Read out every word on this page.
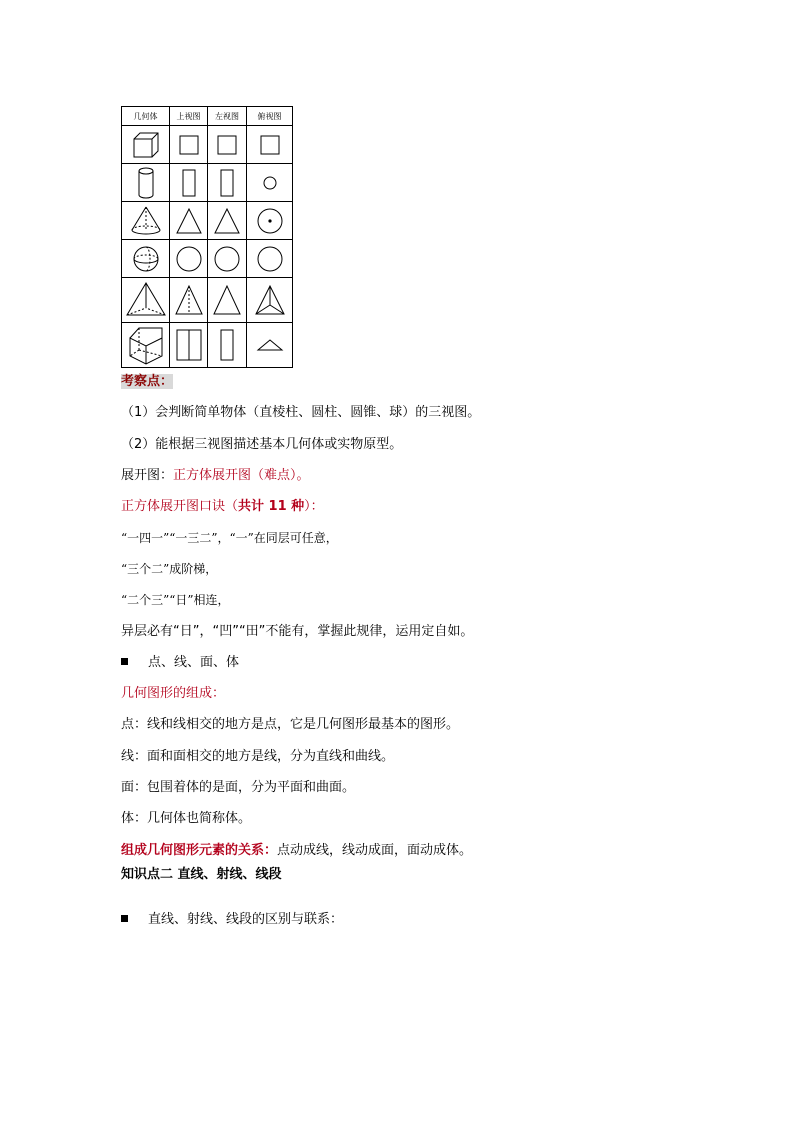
几何体	上视图	左视图	俯视图

考察点：
（1）会判断简单物体（直棱柱、圆柱、圆锥、球）的三视图。
（2）能根据三视图描述基本几何体或实物原型。
展开图：正方体展开图（难点）。
正方体展开图口诀（共计 11 种）：
“一四一”“一三二”，“一”在同层可任意，
“三个二”成阶梯，
“二个三”“日”相连，
异层必有“日”，“凹”“田”不能有，掌握此规律，运用定自如。
点、线、面、体
几何图形的组成：
点：线和线相交的地方是点，它是几何图形最基本的图形。
线：面和面相交的地方是线，分为直线和曲线。
面：包围着体的是面，分为平面和曲面。
体：几何体也简称体。
组成几何图形元素的关系：点动成线，线动成面，面动成体。
知识点二 直线、射线、线段
直线、射线、线段的区别与联系：
